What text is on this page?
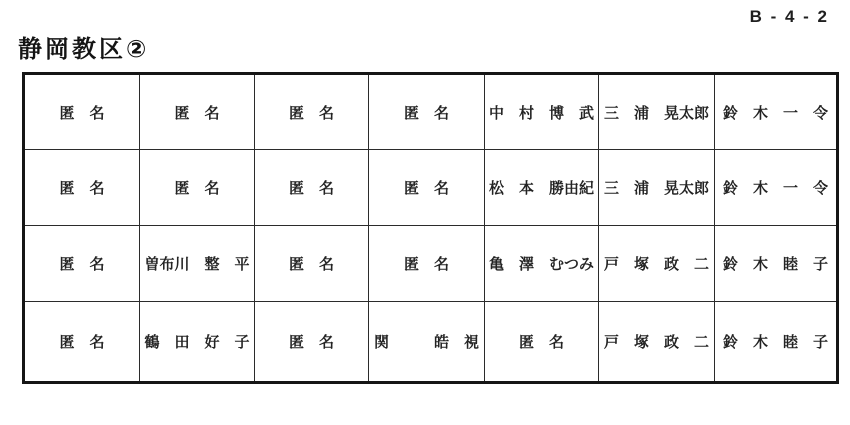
B - 4 - 2
静岡教区②
匿　名	匿　名	匿　名	匿　名	中　村　博　武	三　浦　晃太郎	鈴　木　一　令
匿　名	匿　名	匿　名	匿　名	松　本　勝由紀	三　浦　晃太郎	鈴　木　一　令
匿　名	曽布川　整　平	匿　名	匿　名	亀　澤　むつみ	戸　塚　政　二	鈴　木　睦　子
匿　名	鶴　田　好　子	匿　名	関　　　皓　視	匿　名	戸　塚　政　二	鈴　木　睦　子
